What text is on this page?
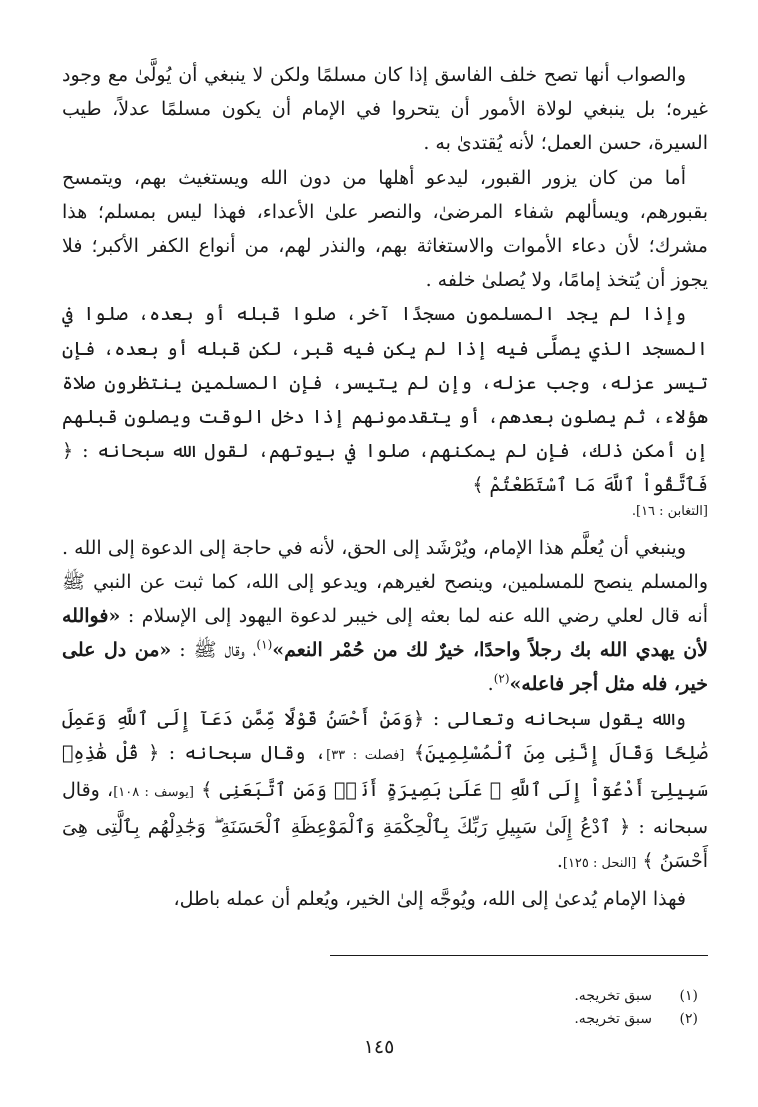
والصواب أنها تصح خلف الفاسق إذا كان مسلمًا ولكن لا ينبغي أن يُولَّىٰ مع وجود غيره؛ بل ينبغي لولاة الأمور أن يتحروا في الإمام أن يكون مسلمًا عدلاً، طيب السيرة، حسن العمل؛ لأنه يُقتدىٰ به .

أما من كان يزور القبور، ليدعو أهلها من دون الله ويستغيث بهم، ويتمسح بقبورهم، ويسألهم شفاء المرضىٰ، والنصر علىٰ الأعداء، فهذا ليس بمسلم؛ هذا مشرك؛ لأن دعاء الأموات والاستغاثة بهم، والنذر لهم، من أنواع الكفر الأكبر؛ فلا يجوز أن يُتخذ إمامًا، ولا يُصلىٰ خلفه .

وإذا لم يجد المسلمون مسجدًا آخر، صلوا قبله أو بعده، صلوا في المسجد الذي يصلَّى فيه إذا لم يكن فيه قبر، لكن قبله أو بعده، فإن تيسر عزله، وجب عزله، وإن لم يتيسر، فإن المسلمين ينتظرون صلاة هؤلاء، ثم يصلون بعدهم، أو يتقدمونهم إذا دخل الوقت ويصلون قبلهم إن أمكن ذلك، فإن لم يمكنهم، صلوا في بيوتهم، لقول الله سبحانه : ﴿ فَٱتَّقُواْ ٱللَّهَ مَا ٱسْتَطَعْتُمْ ﴾

[التغابن : ١٦].

وينبغي أن يُعلَّم هذا الإمام، ويُرْشَد إلى الحق، لأنه في حاجة إلى الدعوة إلى الله . والمسلم ينصح للمسلمين، وينصح لغيرهم، ويدعو إلى الله، كما ثبت عن النبي ﷺ أنه قال لعلي رضي الله عنه لما بعثه إلى خيبر لدعوة اليهود إلى الإسلام : «فوالله لأن يهدي الله بك رجلاً واحدًا، خيرٌ لك من حُمْر النعم»$^{(١)}$، وقال ﷺ : «من دل على خير، فله مثل أجر فاعله»$^{(٢)}$.

والله يقول سبحانه وتعالى : ﴿وَمَنْ أَحْسَنُ قَوْلًا مِّمَّن دَعَآ إِلَى ٱللَّهِ وَعَمِلَ صَٰلِحًا وَقَالَ إِنَّنِى مِنَ ٱلْمُسْلِمِينَ﴾ [فصلت : ٣٣]، وقال سبحانه : ﴿ قُلْ هَٰذِهِۦ سَبِيلِىٓ أَدْعُوٓاْ إِلَى ٱللَّهِ ۚ عَلَىٰ بَصِيرَةٍ أَنَا۠ وَمَنِ ٱتَّبَعَنِى ﴾ [يوسف : ١٠٨]، وقال سبحانه : ﴿ ٱدْعُ إِلَىٰ سَبِيلِ رَبِّكَ بِٱلْحِكْمَةِ وَٱلْمَوْعِظَةِ ٱلْحَسَنَةِ ۖ وَجَٰدِلْهُم بِٱلَّتِى هِىَ أَحْسَنُ ﴾ [النحل : ١٢٥].

فهذا الإمام يُدعىٰ إلى الله، ويُوجَّه إلىٰ الخير، ويُعلم أن عمله باطل،

(١)
سبق تخريجه.
(٢)
سبق تخريجه.
١٤٥
